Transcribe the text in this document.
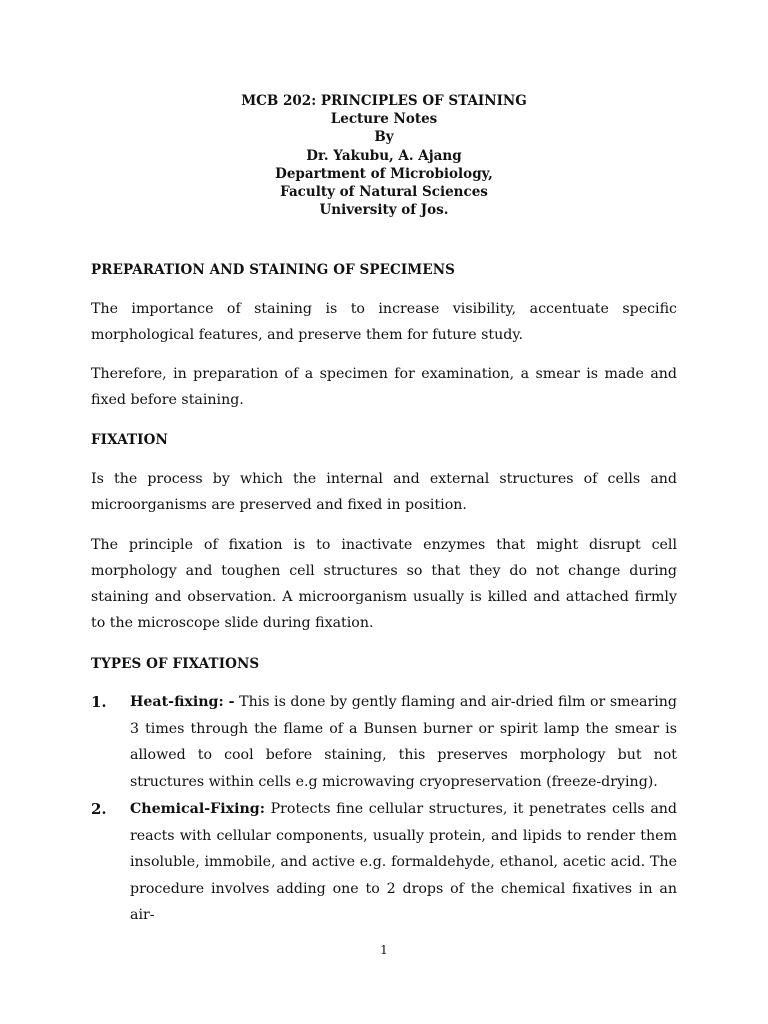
MCB 202: PRINCIPLES OF STAINING
Lecture Notes
By
Dr. Yakubu, A. Ajang
Department of Microbiology,
Faculty of Natural Sciences
University of Jos.
PREPARATION AND STAINING OF SPECIMENS
The importance of staining is to increase visibility, accentuate specific morphological features, and preserve them for future study.
Therefore, in preparation of a specimen for examination, a smear is made and fixed before staining.
FIXATION
Is the process by which the internal and external structures of cells and microorganisms are preserved and fixed in position.
The principle of fixation is to inactivate enzymes that might disrupt cell morphology and toughen cell structures so that they do not change during staining and observation. A microorganism usually is killed and attached firmly to the microscope slide during fixation.
TYPES OF FIXATIONS
1. Heat-fixing: - This is done by gently flaming and air-dried film or smearing 3 times through the flame of a Bunsen burner or spirit lamp the smear is allowed to cool before staining, this preserves morphology but not structures within cells e.g microwaving cryopreservation (freeze-drying).
2. Chemical-Fixing: Protects fine cellular structures, it penetrates cells and reacts with cellular components, usually protein, and lipids to render them insoluble, immobile, and active e.g. formaldehyde, ethanol, acetic acid. The procedure involves adding one to 2 drops of the chemical fixatives in an air-
1
